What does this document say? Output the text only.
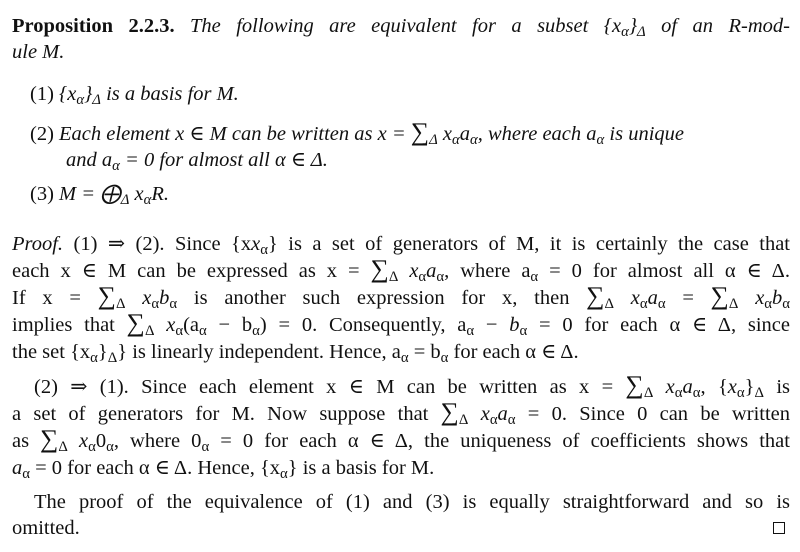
Proposition 2.2.3. The following are equivalent for a subset $\{x_\alpha\}_\Delta$ of an R-mod-
ule M.
(1) $\{x_\alpha\}_\Delta$ is a basis for M.
(2) Each element x ∈ M can be written as $x = \sum_\Delta$ $x_\alpha a_\alpha$, where each $a_\alpha$ is unique
and $a_\alpha = 0$ for almost all α ∈ Δ.
(3) $M = ⨁_\Delta$ $x_\alpha R$.
Proof. (1) ⇒ (2). Since $\{xx_\alpha\}$ is a set of generators of M, it is certainly the case that
each x ∈ M can be expressed as $x = \sum_\Delta$ $x_\alpha a_\alpha$, where $a_\alpha = 0$ for almost all α ∈ Δ.
If $x = \sum_\Delta$ $x_\alpha b_\alpha$ is another such expression for x, then $\sum_\Delta$ $x_\alpha a_\alpha = \sum_\Delta$ $x_\alpha b_\alpha$
implies that $\sum_\Delta$ $x_\alpha(a_\alpha - b_\alpha) = 0$. Consequently, $a_\alpha - b_\alpha = 0$ for each α ∈ Δ, since
the set $\{x_\alpha\}_\Delta$} is linearly independent. Hence, $a_\alpha = b_\alpha$ for each α ∈ Δ.
(2) ⇒ (1). Since each element x ∈ M can be written as $x = \sum_\Delta$ $x_\alpha a_\alpha$, $\{x_\alpha\}_\Delta$ is
a set of generators for M. Now suppose that $\sum_\Delta$ $x_\alpha a_\alpha = 0$. Since 0 can be written
as $\sum_\Delta$ $x_\alpha 0_\alpha$, where $0_\alpha = 0$ for each α ∈ Δ, the uniqueness of coefficients shows that
$a_\alpha = 0$ for each α ∈ Δ. Hence, $\{x_\alpha\}$ is a basis for M.
The proof of the equivalence of (1) and (3) is equally straightforward and so is
omitted.
